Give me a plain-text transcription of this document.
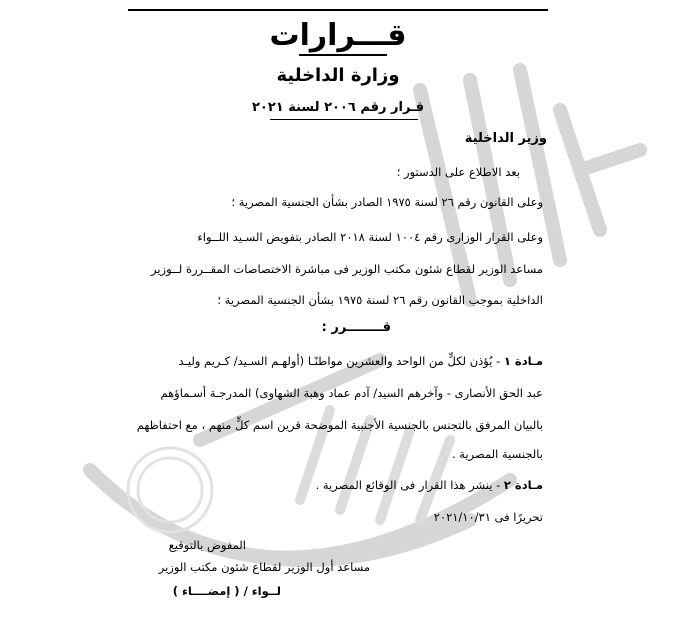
قـــرارات
وزارة الداخلية
قـرار رقم ٢٠٠٦ لسنة ٢٠٢١
وزير الداخلية
بعد الاطلاع على الدستور ؛
وعلى القانون رقم ٢٦ لسنة ١٩٧٥ الصادر بشأن الجنسية المصرية ؛
وعلى القرار الوزارى رقم ١٠٠٤ لسنة ٢٠١٨ الصادر بتفويض السـيد اللــواء
مساعد الوزير لقطاع شئون مكتب الوزير فى مباشرة الاختصاصات المقــررة لــوزير
الداخلية بموجب القانون رقم ٢٦ لسنة ١٩٧٥ بشأن الجنسية المصرية ؛
قــــــــرر :
مـادة ١ - يُؤذن لكلٍّ من الواحد والعشرين مواطنًـا (أولهـم السـيد/ كـريم وليـد
عبد الحق الأنصارى - وآخرهم السيد/ آدم عماد وهبة الشهاوى) المدرجـة أسـماؤهم
بالبيان المرفق بالتجنس بالجنسية الأجنبية الموضحة قرين اسم كلٍّ منهم ، مع احتفاظهم
بالجنسية المصرية .
مـادة ٢ - ينشر هذا القرار فى الوقائع المصرية .
تحريرًا فى ٢٠٢١/١٠/٣١
المفوض بالتوقيع
مساعد أول الوزير لقطاع شئون مكتب الوزير
لــواء / ( إمضــــاء )
